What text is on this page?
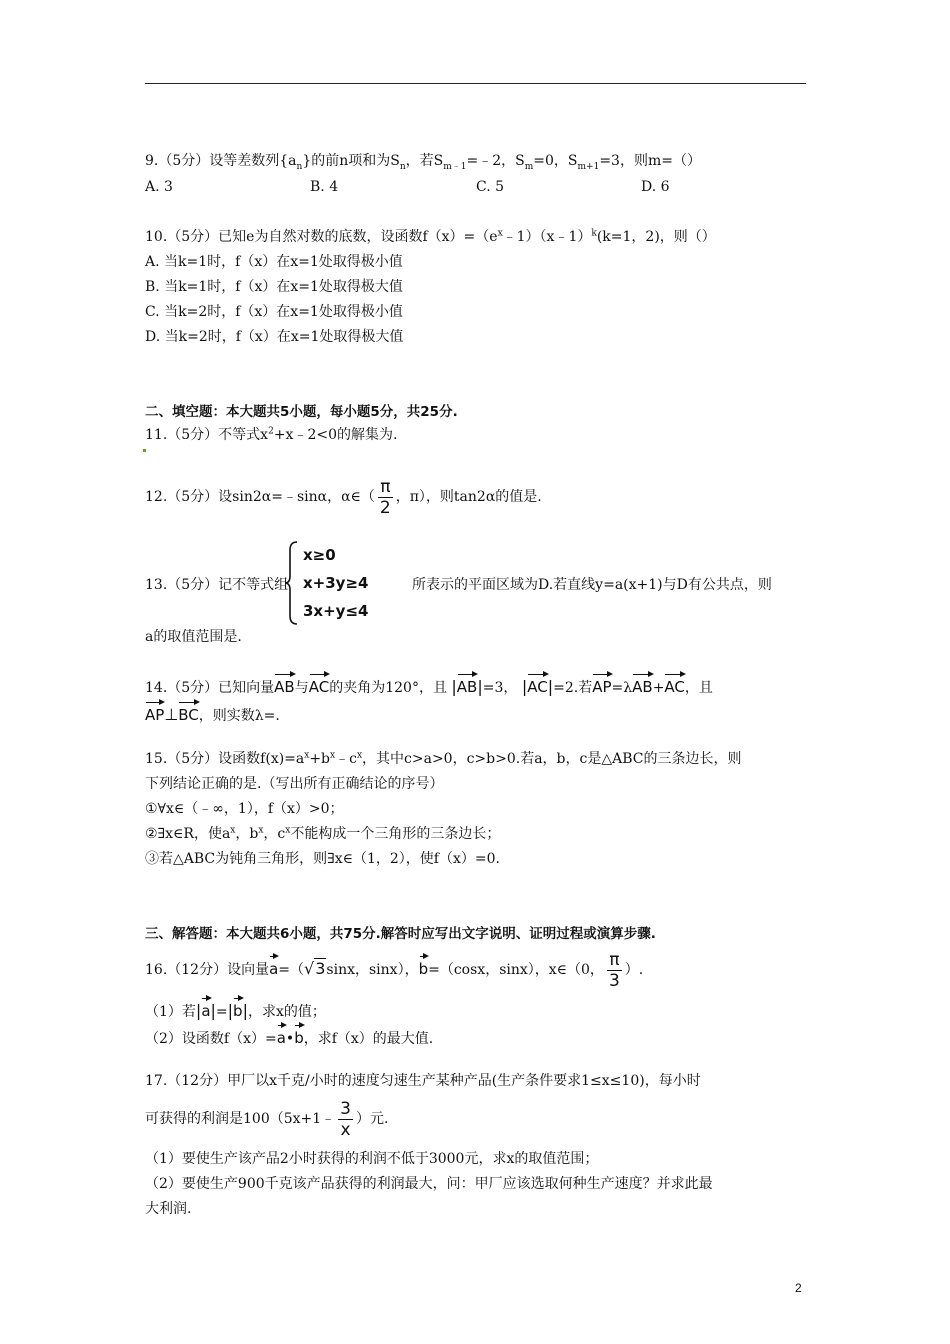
9.（5分）设等差数列$\{a_n\}$的前n项和为$S_n$，若$S_{m﹣1}=﹣2$，$S_m=0$，$S_{m+1}=3$，则m=（）
A. 3	B. 4	C. 5	D. 6
10.（5分）已知e为自然对数的底数，设函数$f(x)=(e^x﹣1)(x﹣1)^k(k=1$，2)，则（）
A. 当k=1时，f（x）在x=1处取得极小值
B. 当k=1时，f（x）在x=1处取得极大值
C. 当k=2时，f（x）在x=1处取得极小值
D. 当k=2时，f（x）在x=1处取得极大值
二、填空题：本大题共5小题，每小题5分，共25分.
11.（5分）不等式$x^2+x﹣2<0$的解集为.
12.（5分）设sin2α=﹣sinα，α∈（ $\frac{\pi}{2}$ ，π），则tan2α的值是.
13.（5分）记不等式组
x≥0
x+3y≥4
3x+y≤4
所表示的平面区域为D.若直线y=a(x+1)与D有公共点，则
a的取值范围是.
14.（5分）已知向量AB与AC的夹角为120°，且 |AB|=3， |AC|=2.若AP=λAB+AC，且
AP⊥BC，则实数λ=.
15.（5分）设函数$f(x)=a^x+b^x﹣c^x$，其中c>a>0，c>b>0.若a，b，c是△ABC的三条边长，则
下列结论正确的是.（写出所有正确结论的序号）
①∀x∈（﹣∞，1），f（x）>0；
②∃x∈R，使$a^x$，$b^x$，$c^x$不能构成一个三角形的三条边长；
③若△ABC为钝角三角形，则∃x∈（1，2），使f（x）=0.
三、解答题：本大题共6小题，共75分.解答时应写出文字说明、证明过程或演算步骤.
16.（12分）设向量a=（√3sinx，sinx），b=（cosx，sinx），x∈（0， $\frac{\pi}{3}$ ）.
（1）若|a|=|b|，求x的值；
（2）设函数f（x）=a•b，求f（x）的最大值.
17.（12分）甲厂以x千克/小时的速度匀速生产某种产品(生产条件要求1≤x≤10)，每小时
可获得的利润是100（5x+1﹣ $\frac{3}{x}$ ）元.
（1）要使生产该产品2小时获得的利润不低于3000元，求x的取值范围；
（2）要使生产900千克该产品获得的利润最大，问：甲厂应该选取何种生产速度？并求此最
大利润.
2
